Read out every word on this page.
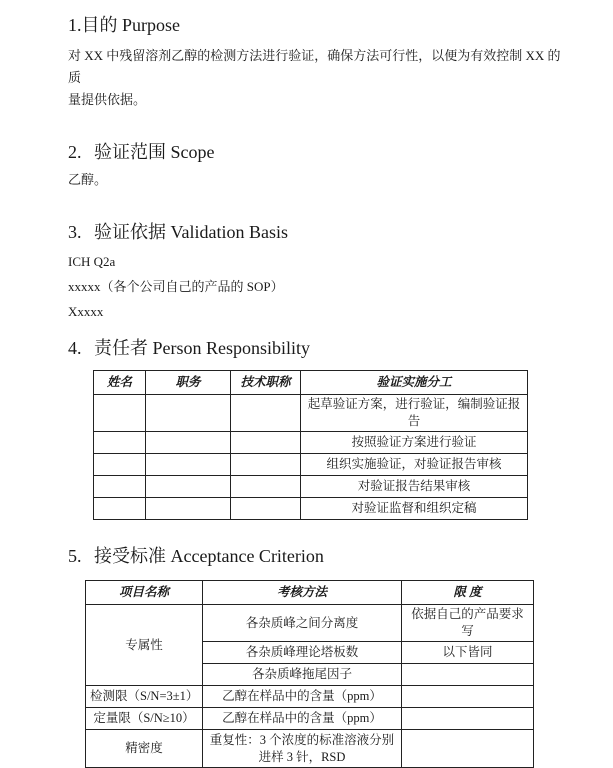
1.目的 Purpose
对 XX 中残留溶剂乙醇的检测方法进行验证，确保方法可行性，以便为有效控制 XX 的质
量提供依据。
2. 验证范围 Scope
乙醇。
3. 验证依据 Validation Basis
ICH Q2a
xxxxx（各个公司自己的产品的 SOP）
Xxxxx
4. 责任者 Person Responsibility
姓名	职务	技术职称	验证实施分工
			起草验证方案，进行验证，编制验证报告
			按照验证方案进行验证
			组织实施验证，对验证报告审核
			对验证报告结果审核
			对验证监督和组织定稿
5. 接受标准 Acceptance Criterion
项目名称	考核方法	限 度
专属性	各杂质峰之间分离度	依据自己的产品要求写
	各杂质峰理论塔板数	以下皆同
	各杂质峰拖尾因子	
检测限（S/N=3±1）	乙醇在样品中的含量（ppm）	
定量限（S/N≥10）	乙醇在样品中的含量（ppm）	
精密度	重复性：3 个浓度的标准溶液分别进样 3 针，RSD	
